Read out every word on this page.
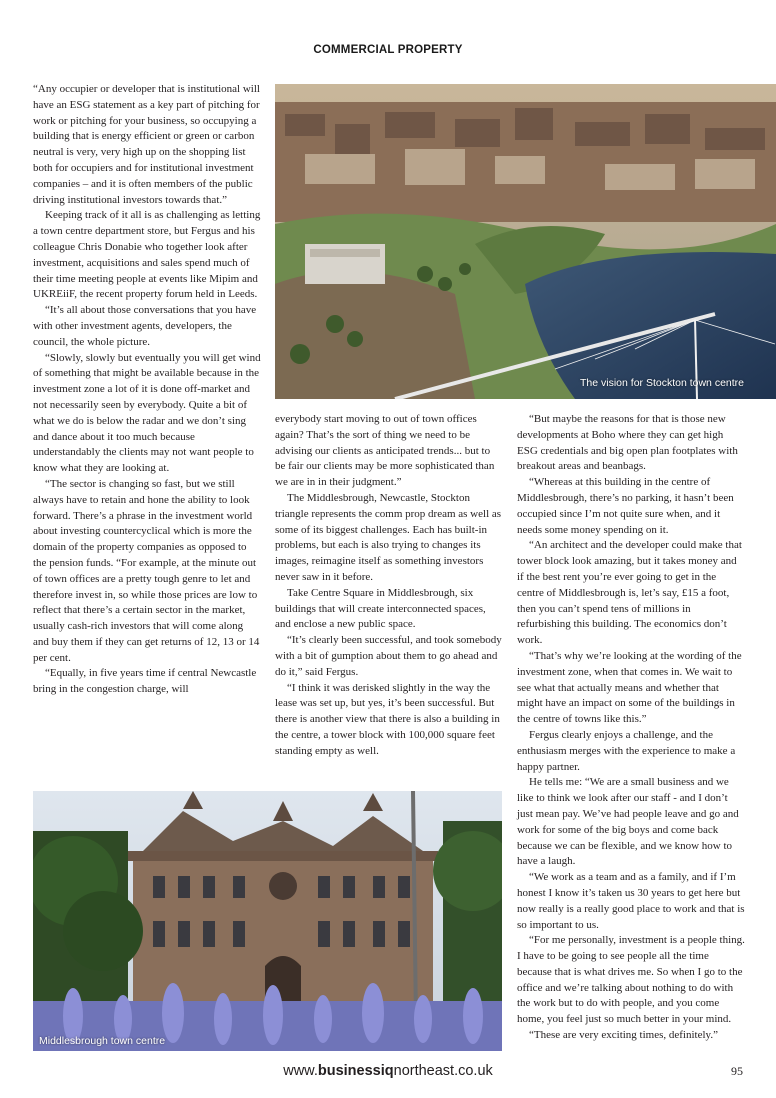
COMMERCIAL PROPERTY

“Any occupier or developer that is institutional will have an ESG statement as a key part of pitching for work or pitching for your business, so occupying a building that is energy efficient or green or carbon neutral is very, very high up on the shopping list both for occupiers and for institutional investment companies – and it is often members of the public driving institutional investors towards that.”

Keeping track of it all is as challenging as letting a town centre department store, but Fergus and his colleague Chris Donabie who together look after investment, acquisitions and sales spend much of their time meeting people at events like Mipim and UKREiiF, the recent property forum held in Leeds.

“It’s all about those conversations that you have with other investment agents, developers, the council, the whole picture.

“Slowly, slowly but eventually you will get wind of something that might be available because in the investment zone a lot of it is done off-market and not necessarily seen by everybody. Quite a bit of what we do is below the radar and we don’t sing and dance about it too much because understandably the clients may not want people to know what they are looking at.

“The sector is changing so fast, but we still always have to retain and hone the ability to look forward. There’s a phrase in the investment world about investing countercyclical which is more the domain of the property companies as opposed to the pension funds. “For example, at the minute out of town offices are a pretty tough genre to let and therefore invest in, so while those prices are low to reflect that there’s a certain sector in the market, usually cash-rich investors that will come along and buy them if they can get returns of 12, 13 or 14 per cent.

“Equally, in five years time if central Newcastle bring in the congestion charge, will

The vision for Stockton town centre

everybody start moving to out of town offices again? That’s the sort of thing we need to be advising our clients as anticipated trends... but to be fair our clients may be more sophisticated than we are in in their judgment.”

The Middlesbrough, Newcastle, Stockton triangle represents the comm prop dream as well as some of its biggest challenges. Each has built-in problems, but each is also trying to changes its images, reimagine itself as something investors never saw in it before.

Take Centre Square in Middlesbrough, six buildings that will create interconnected spaces, and enclose a new public space.

“It’s clearly been successful, and took somebody with a bit of gumption about them to go ahead and do it,” said Fergus.

“I think it was derisked slightly in the way the lease was set up, but yes, it’s been successful. But there is another view that there is also a building in the centre, a tower block with 100,000 square feet standing empty as well.

“But maybe the reasons for that is those new developments at Boho where they can get high ESG credentials and big open plan footplates with breakout areas and beanbags.

“Whereas at this building in the centre of Middlesbrough, there’s no parking, it hasn’t been occupied since I’m not quite sure when, and it needs some money spending on it.

“An architect and the developer could make that tower block look amazing, but it takes money and if the best rent you’re ever going to get in the centre of Middlesbrough is, let’s say, £15 a foot, then you can’t spend tens of millions in refurbishing this building. The economics don’t work.

“That’s why we’re looking at the wording of the investment zone, when that comes in. We wait to see what that actually means and whether that might have an impact on some of the buildings in the centre of towns like this.”

Fergus clearly enjoys a challenge, and the enthusiasm merges with the experience to make a happy partner.

He tells me: “We are a small business and we like to think we look after our staff - and I don’t just mean pay. We’ve had people leave and go and work for some of the big boys and come back because we can be flexible, and we know how to have a laugh.

“We work as a team and as a family, and if I’m honest I know it’s taken us 30 years to get here but now really is a really good place to work and that is so important to us.

“For me personally, investment is a people thing. I have to be going to see people all the time because that is what drives me. So when I go to the office and we’re talking about nothing to do with the work but to do with people, and you come home, you feel just so much better in your mind.

“These are very exciting times, definitely.”

Middlesbrough town centre
www.businessiqnortheast.co.uk	95
